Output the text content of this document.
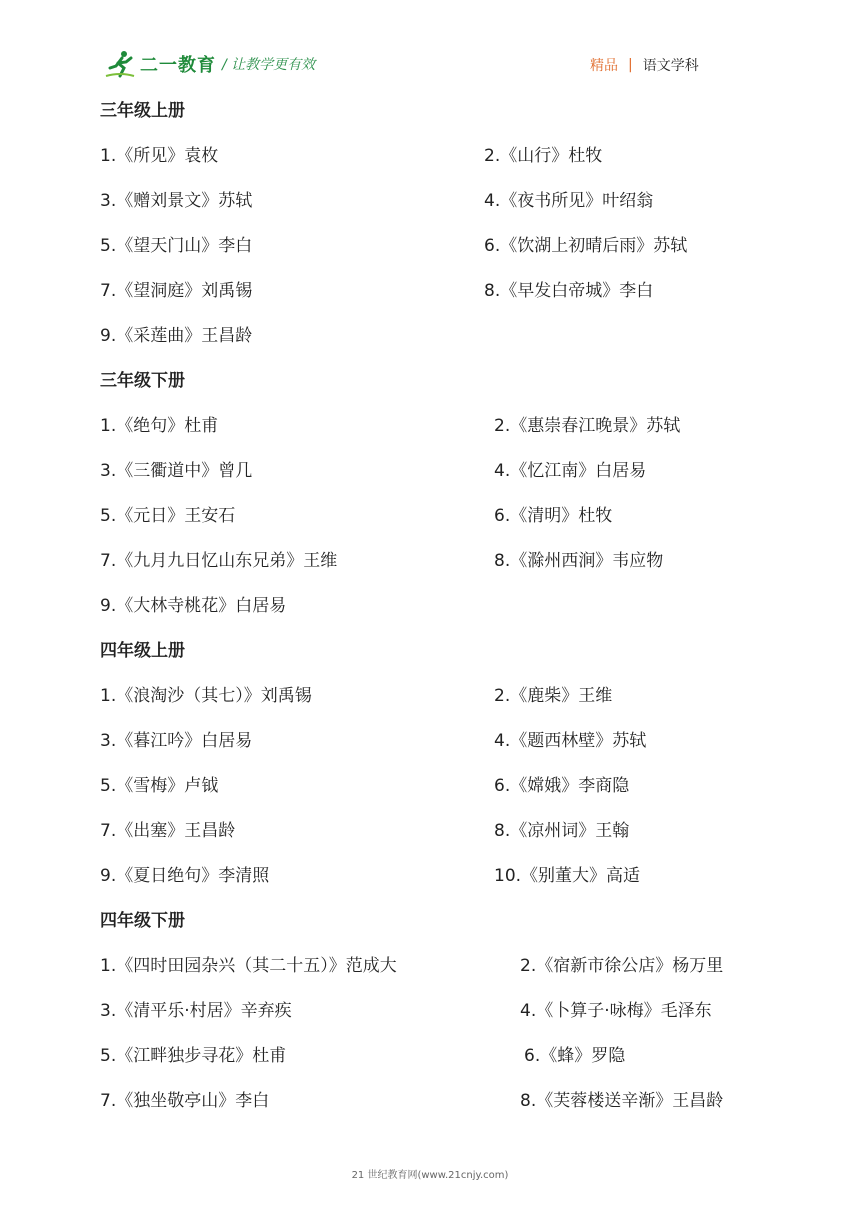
二一教育 / 让教学更有效	精品 | 语文学科
三年级上册
1.《所见》袁枚	2.《山行》杜牧
3.《赠刘景文》苏轼	4.《夜书所见》叶绍翁
5.《望天门山》李白	6.《饮湖上初晴后雨》苏轼
7.《望洞庭》刘禹锡	8.《早发白帝城》李白
9.《采莲曲》王昌龄
三年级下册
1.《绝句》杜甫	2.《惠崇春江晚景》苏轼
3.《三衢道中》曾几	4.《忆江南》白居易
5.《元日》王安石	6.《清明》杜牧
7.《九月九日忆山东兄弟》王维	8.《滁州西涧》韦应物
9.《大林寺桃花》白居易
四年级上册
1.《浪淘沙（其七）》刘禹锡	2.《鹿柴》王维
3.《暮江吟》白居易	4.《题西林壁》苏轼
5.《雪梅》卢钺	6.《嫦娥》李商隐
7.《出塞》王昌龄	8.《凉州词》王翰
9.《夏日绝句》李清照	10.《别董大》高适
四年级下册
1.《四时田园杂兴（其二十五）》范成大	2.《宿新市徐公店》杨万里
3.《清平乐·村居》辛弃疾	4.《卜算子·咏梅》毛泽东
5.《江畔独步寻花》杜甫	6.《蜂》罗隐
7.《独坐敬亭山》李白	8.《芙蓉楼送辛渐》王昌龄
21 世纪教育网(www.21cnjy.com)
